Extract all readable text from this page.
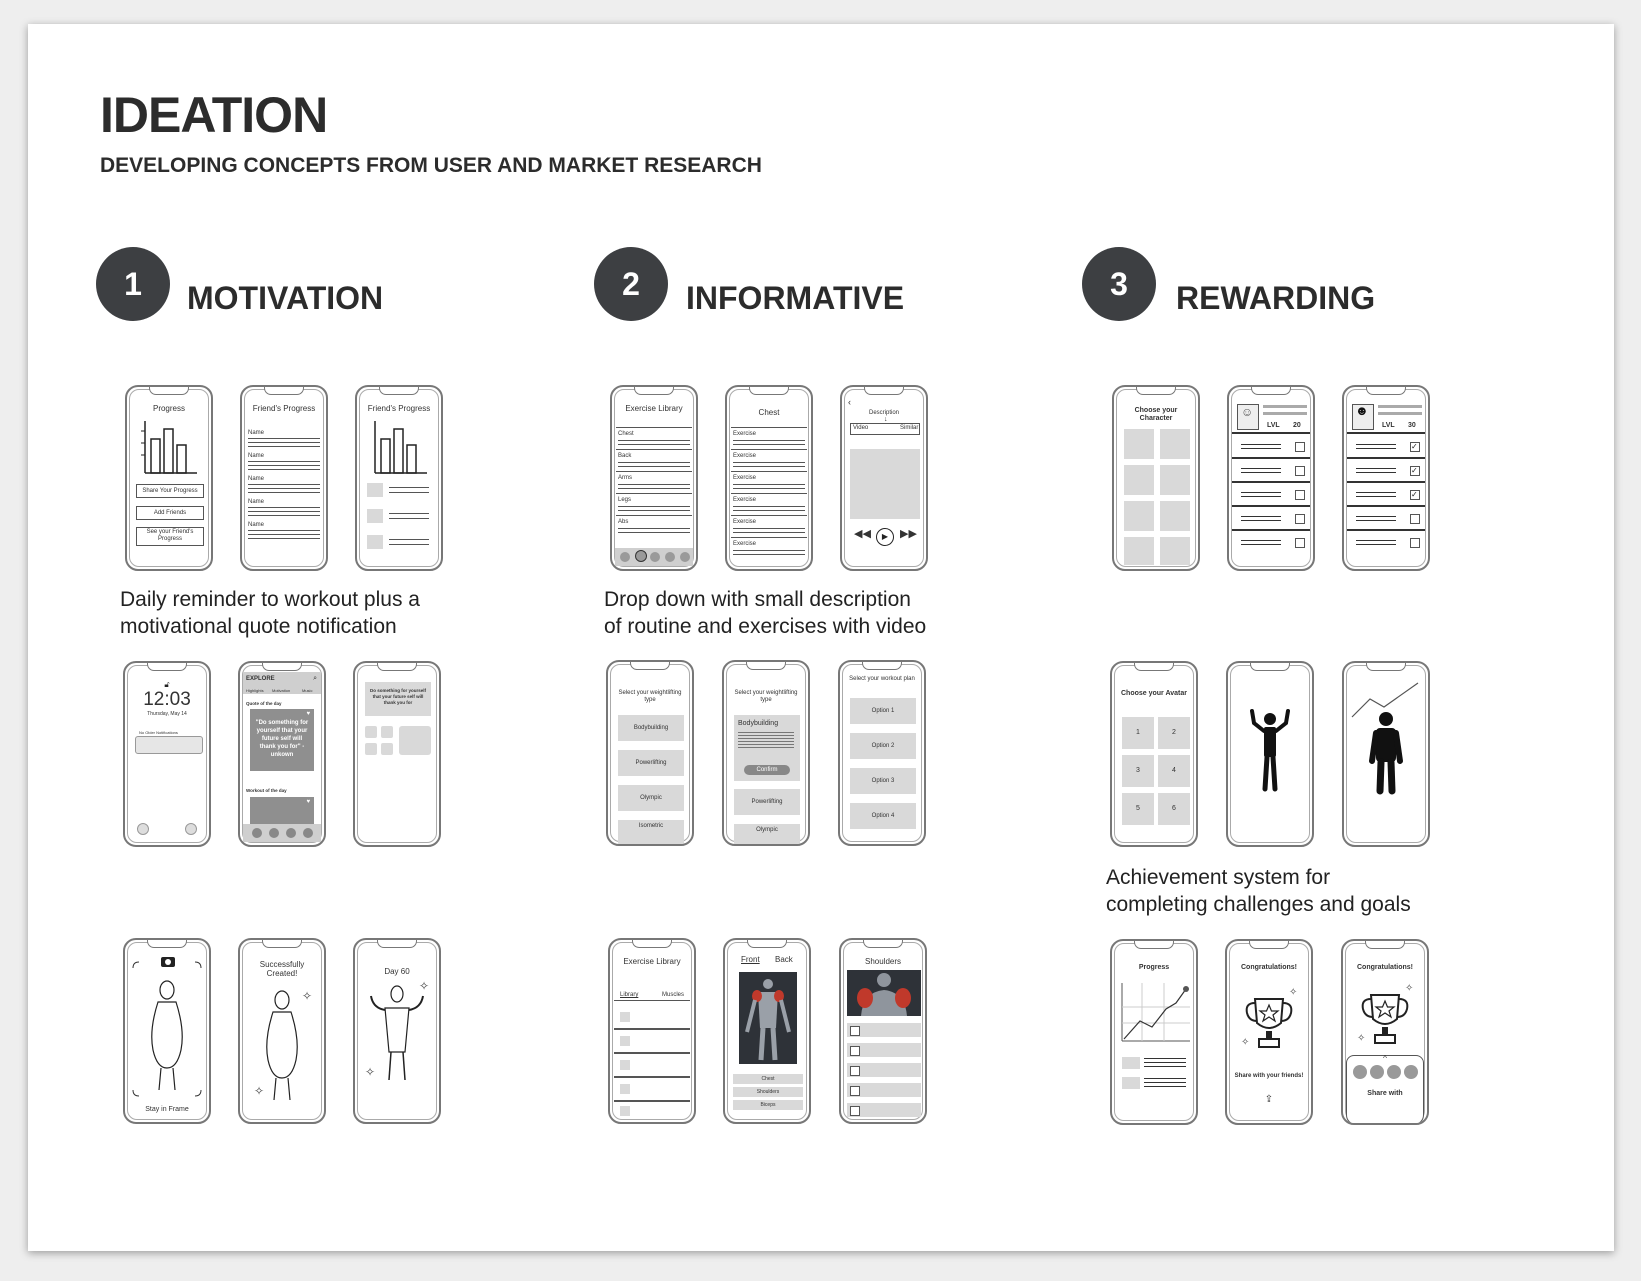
IDEATION
DEVELOPING CONCEPTS FROM USER AND MARKET RESEARCH
1	MOTIVATION	2	INFORMATIVE	3	REWARDING
Daily reminder to workout plus a
motivational quote notification
Drop down with small description
of routine and exercises with video
Achievement system for
completing challenges and goals
Progress
Share Your Progress
Add Friends
See your Friend's Progress
Friend's Progress
Name
Name
Name
Name
Name
Friend's Progress
🔓︎
12:03
Thursday, May 14
No Older Notifications
EXPLORE	⌕
Highlights Motivation	Music
Quote of the day
"Do something for yourself that your future self will thank you for" - unkown
♥
Workout of the day
♥
Do something for yourself that your future self will thank you for
Stay in Frame
Successfully Created!
✧
✧
Day 60
✧
✧
Exercise Library
Chest
Back
Arms
Legs
Abs
Chest
Exercise
Exercise
Exercise
Exercise
Exercise
Exercise
‹
Description
↓
Video	Similar
◀◀	▶	▶▶
Select your weightlifting type
Bodybuilding
Powerlifting
Olympic
Isometric
Select your weightlifting type
Bodybuilding
Confirm
Powerlifting
Olympic
Select your workout plan
Option 1
Option 2
Option 3
Option 4
Exercise Library
Library	Muscles
Front Back
Chest
Shoulders
Biceps
Shoulders
Choose your Character	☺
LVL 20
☻
LVL 30
✓
✓
✓
Choose your Avatar
1	2
3	4
5	6
Progress	Congratulations!
✧
✧
Share with your friends!
⇪
Congratulations!
✧
✧
^
Share with
